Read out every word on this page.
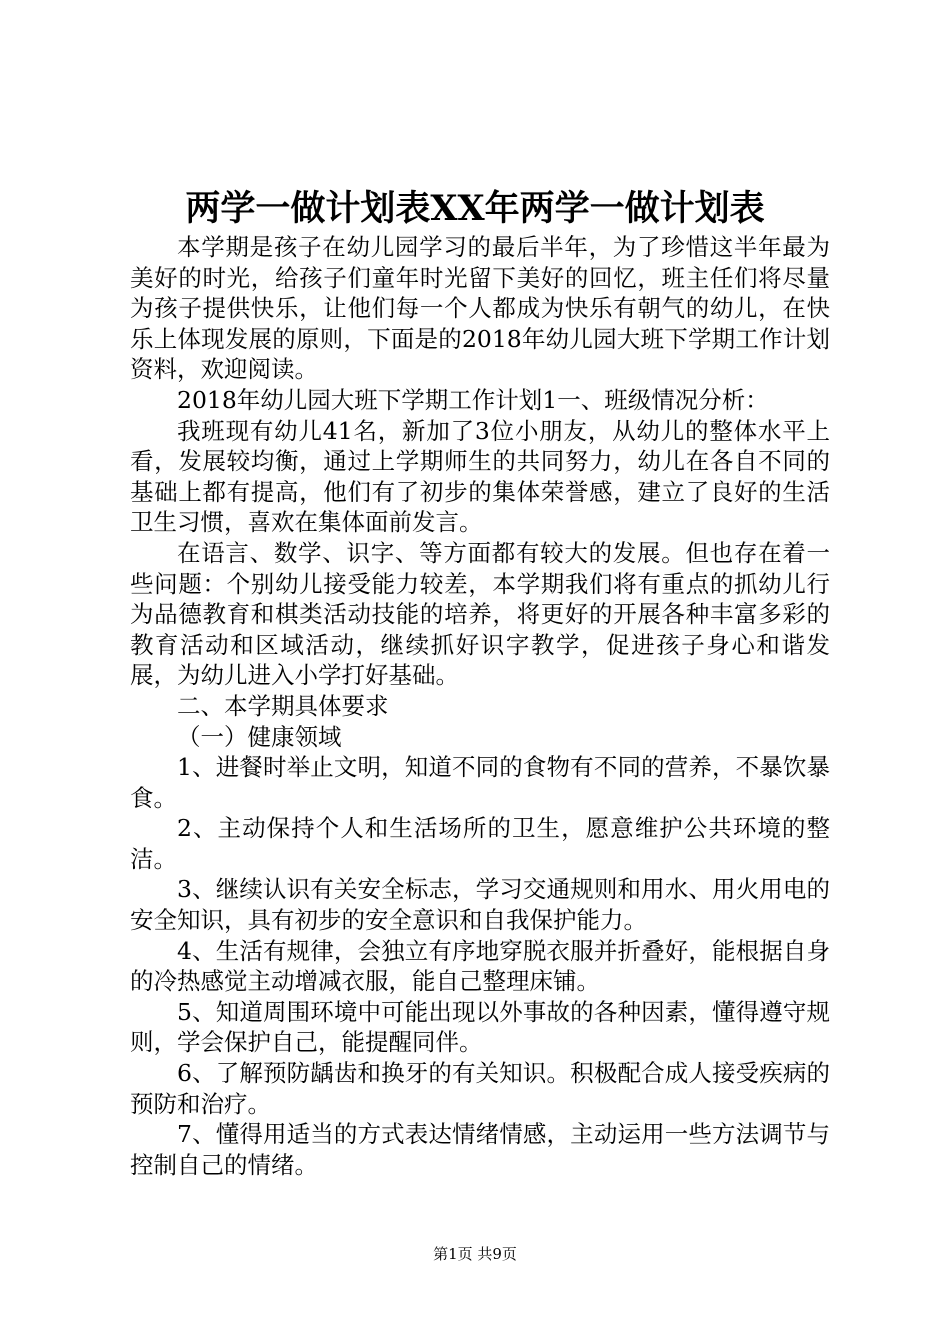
两学一做计划表XX年两学一做计划表

本学期是孩子在幼儿园学习的最后半年，为了珍惜这半年最为美好的时光，给孩子们童年时光留下美好的回忆，班主任们将尽量为孩子提供快乐，让他们每一个人都成为快乐有朝气的幼儿，在快乐上体现发展的原则，下面是的2018年幼儿园大班下学期工作计划资料，欢迎阅读。

2018年幼儿园大班下学期工作计划1一、班级情况分析：

我班现有幼儿41名，新加了3位小朋友，从幼儿的整体水平上看，发展较均衡，通过上学期师生的共同努力，幼儿在各自不同的基础上都有提高，他们有了初步的集体荣誉感，建立了良好的生活卫生习惯，喜欢在集体面前发言。

在语言、数学、识字、等方面都有较大的发展。但也存在着一些问题：个别幼儿接受能力较差，本学期我们将有重点的抓幼儿行为品德教育和棋类活动技能的培养，将更好的开展各种丰富多彩的教育活动和区域活动，继续抓好识字教学，促进孩子身心和谐发展，为幼儿进入小学打好基础。

二、本学期具体要求

（一）健康领域

1、进餐时举止文明，知道不同的食物有不同的营养，不暴饮暴食。

2、主动保持个人和生活场所的卫生，愿意维护公共环境的整洁。

3、继续认识有关安全标志，学习交通规则和用水、用火用电的安全知识，具有初步的安全意识和自我保护能力。

4、生活有规律，会独立有序地穿脱衣服并折叠好，能根据自身的冷热感觉主动增减衣服，能自己整理床铺。

5、知道周围环境中可能出现以外事故的各种因素，懂得遵守规则，学会保护自己，能提醒同伴。

6、了解预防龋齿和换牙的有关知识。积极配合成人接受疾病的预防和治疗。

7、懂得用适当的方式表达情绪情感，主动运用一些方法调节与控制自己的情绪。

第1页 共9页
